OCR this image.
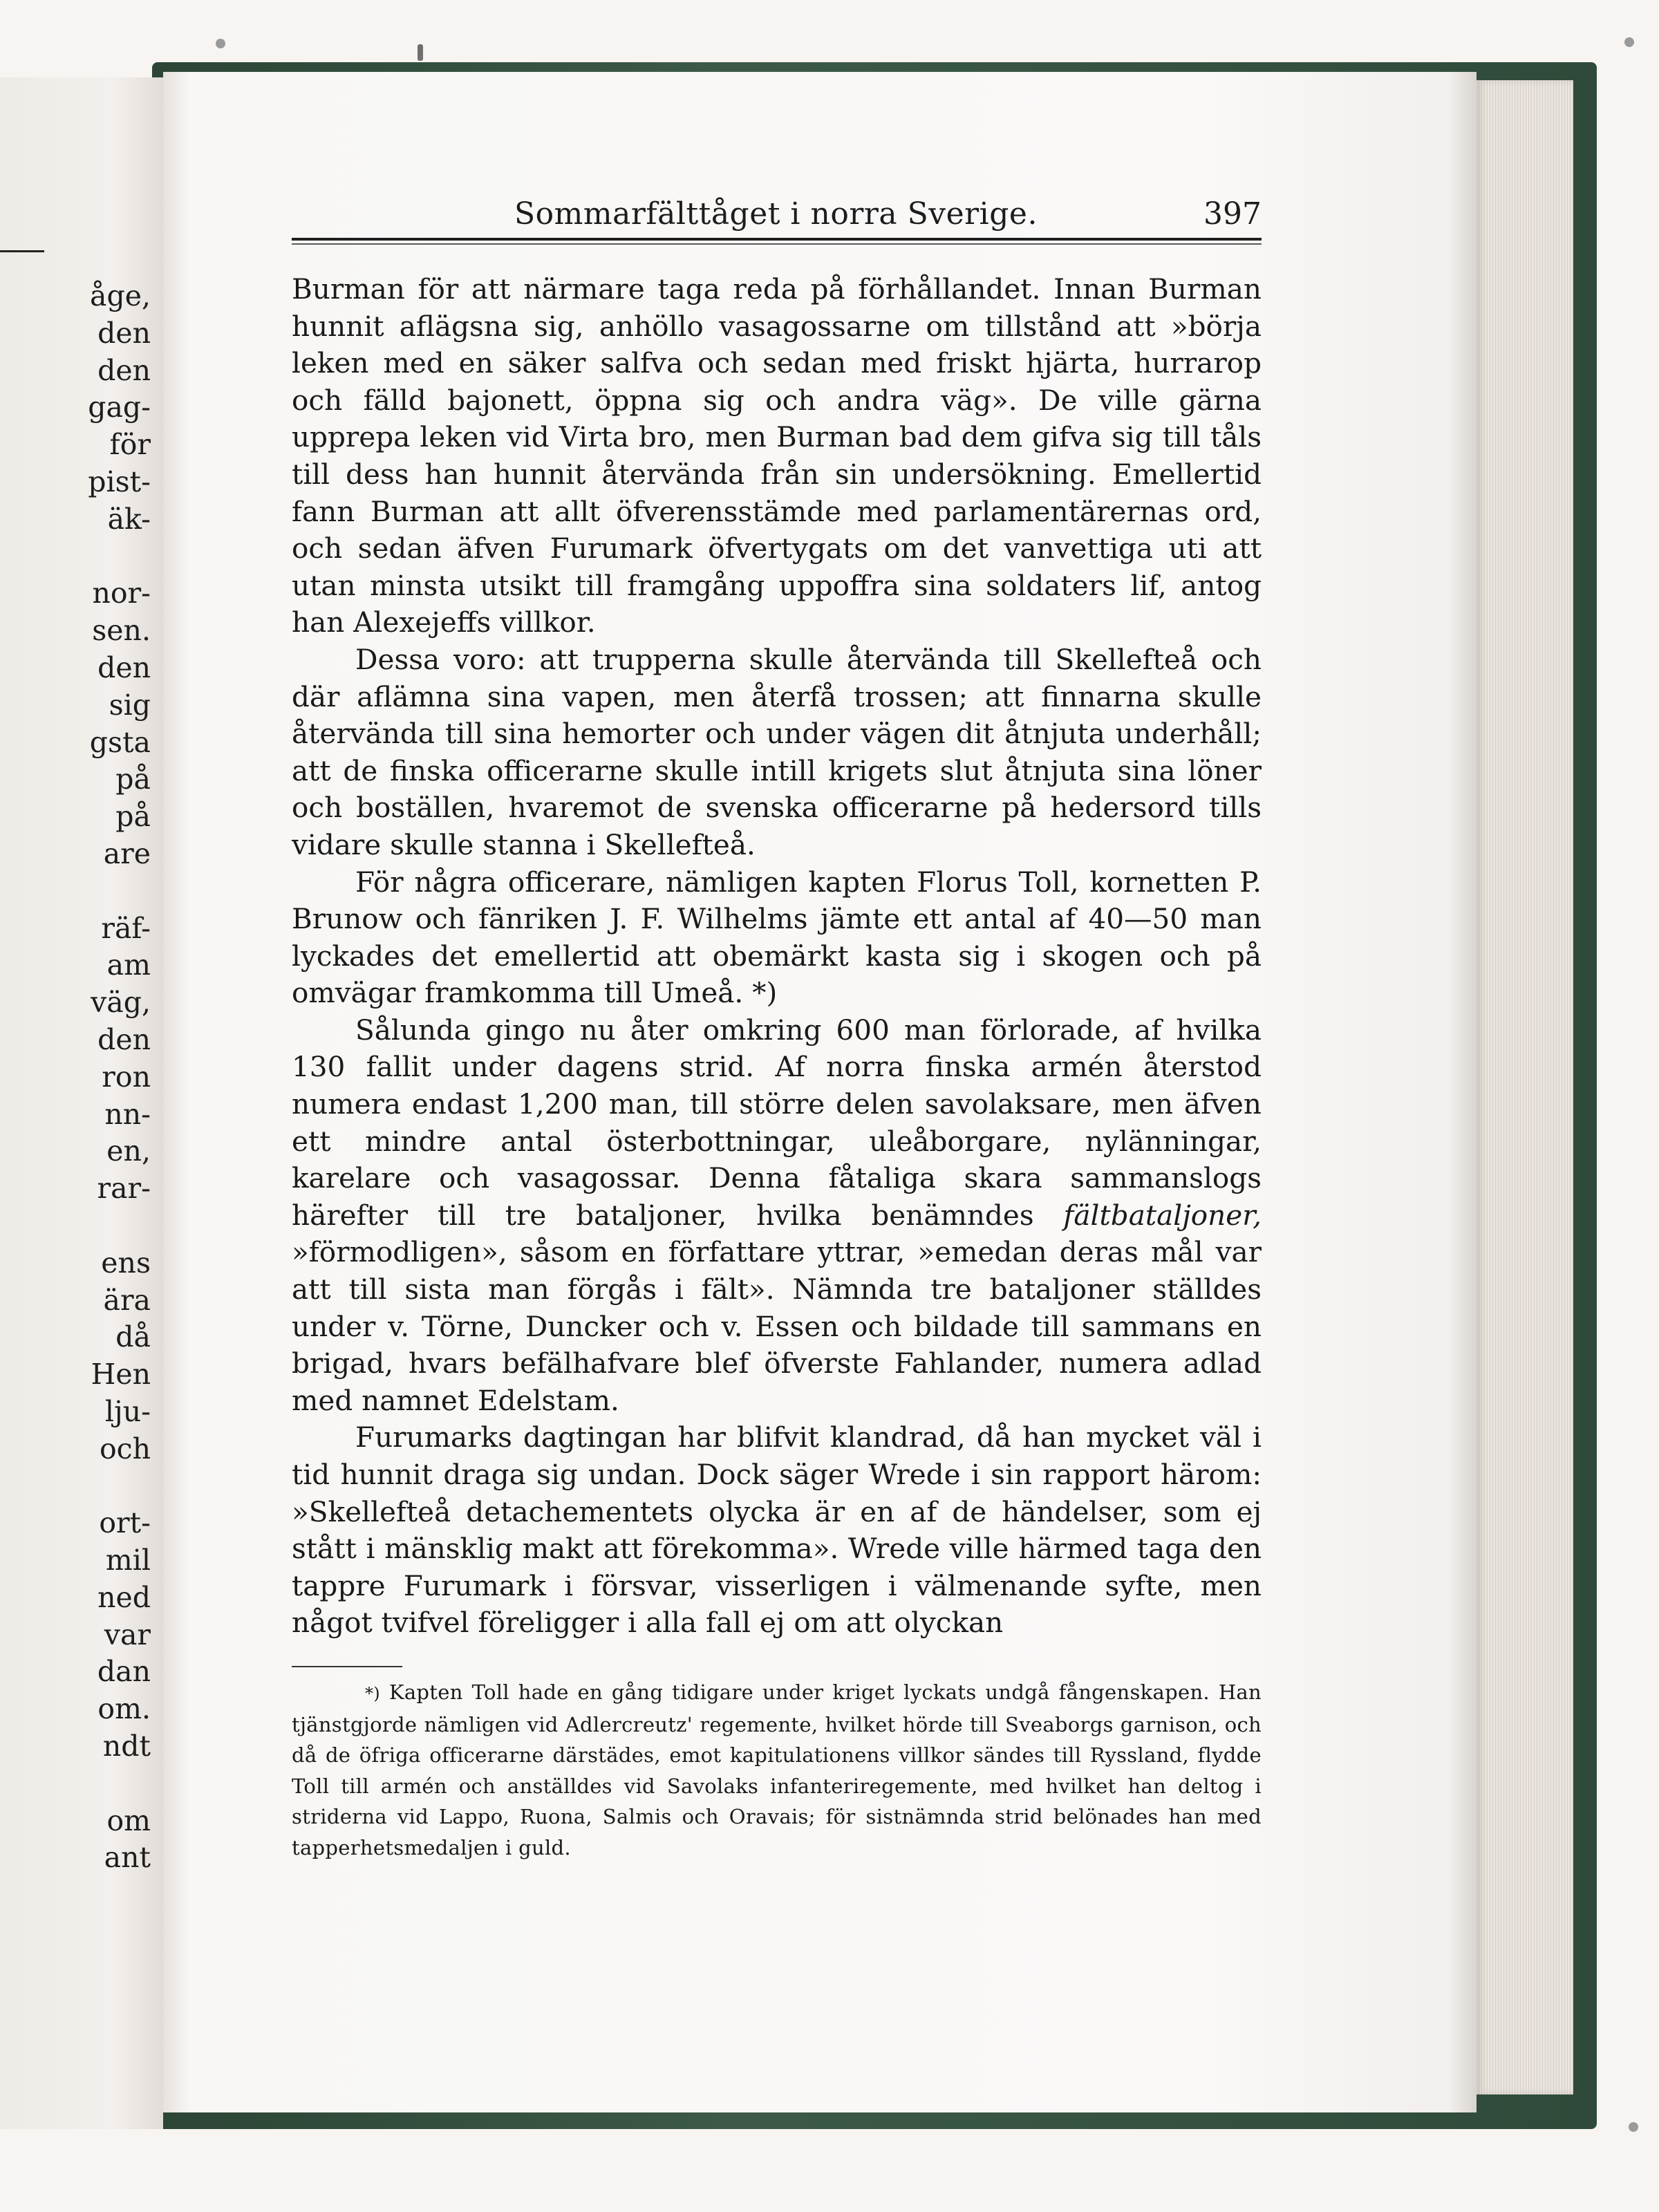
åge,
den
den
gag-
för
pist-
äk-
nor-
sen.
den
sig
gsta
på
på
are
räf-
am
väg,
den
ron
nn-
en,
rar-
ens
ära
då
Hen
lju-
och
ort-
mil
ned
var
dan
om.
ndt
om
ant
Sommarfälttåget i norra Sverige.	397

Burman för att närmare taga reda på förhållandet. Innan Burman hunnit aflägsna sig, anhöllo vasagossarne om tillstånd att »börja leken med en säker salfva och sedan med friskt hjärta, hurrarop och fälld bajonett, öppna sig och andra väg». De ville gärna upprepa leken vid Virta bro, men Burman bad dem gifva sig till tåls till dess han hunnit återvända från sin undersökning. Emellertid fann Burman att allt öfverensstämde med parlamentärernas ord, och sedan äfven Furumark öfvertygats om det vanvettiga uti att utan minsta utsikt till framgång uppoffra sina soldaters lif, antog han Alexejeffs villkor.

Dessa voro: att trupperna skulle återvända till Skellefteå och där aflämna sina vapen, men återfå trossen; att finnarna skulle återvända till sina hemorter och under vägen dit åtnjuta underhåll; att de finska officerarne skulle intill krigets slut åtnjuta sina löner och boställen, hvaremot de svenska officerarne på hedersord tills vidare skulle stanna i Skellefteå.

För några officerare, nämligen kapten Florus Toll, kornetten P. Brunow och fänriken J. F. Wilhelms jämte ett antal af 40—50 man lyckades det emellertid att obemärkt kasta sig i skogen och på omvägar framkomma till Umeå. *)

Sålunda gingo nu åter omkring 600 man förlorade, af hvilka 130 fallit under dagens strid. Af norra finska armén återstod numera endast 1,200 man, till större delen savolaksare, men äfven ett mindre antal österbottningar, uleåborgare, nylänningar, karelare och vasagossar. Denna fåtaliga skara sammanslogs härefter till tre bataljoner, hvilka benämndes fältbataljoner, »förmodligen», såsom en författare yttrar, »emedan deras mål var att till sista man förgås i fält». Nämnda tre bataljoner ställdes under v. Törne, Duncker och v. Essen och bildade till sammans en brigad, hvars befälhafvare blef öfverste Fahlander, numera adlad med namnet Edelstam.

Furumarks dagtingan har blifvit klandrad, då han mycket väl i tid hunnit draga sig undan. Dock säger Wrede i sin rapport härom: »Skellefteå detachementets olycka är en af de händelser, som ej stått i mänsklig makt att förekomma». Wrede ville härmed taga den tappre Furumark i försvar, visserligen i välmenande syfte, men något tvifvel föreligger i alla fall ej om att olyckan

*) Kapten Toll hade en gång tidigare under kriget lyckats undgå fångenskapen. Han tjänstgjorde nämligen vid Adlercreutz' regemente, hvilket hörde till Sveaborgs garnison, och då de öfriga officerarne därstädes, emot kapitulationens villkor sändes till Ryssland, flydde Toll till armén och anställdes vid Savolaks infanteriregemente, med hvilket han deltog i striderna vid Lappo, Ruona, Salmis och Oravais; för sistnämnda strid belönades han med tapperhetsmedaljen i guld.
